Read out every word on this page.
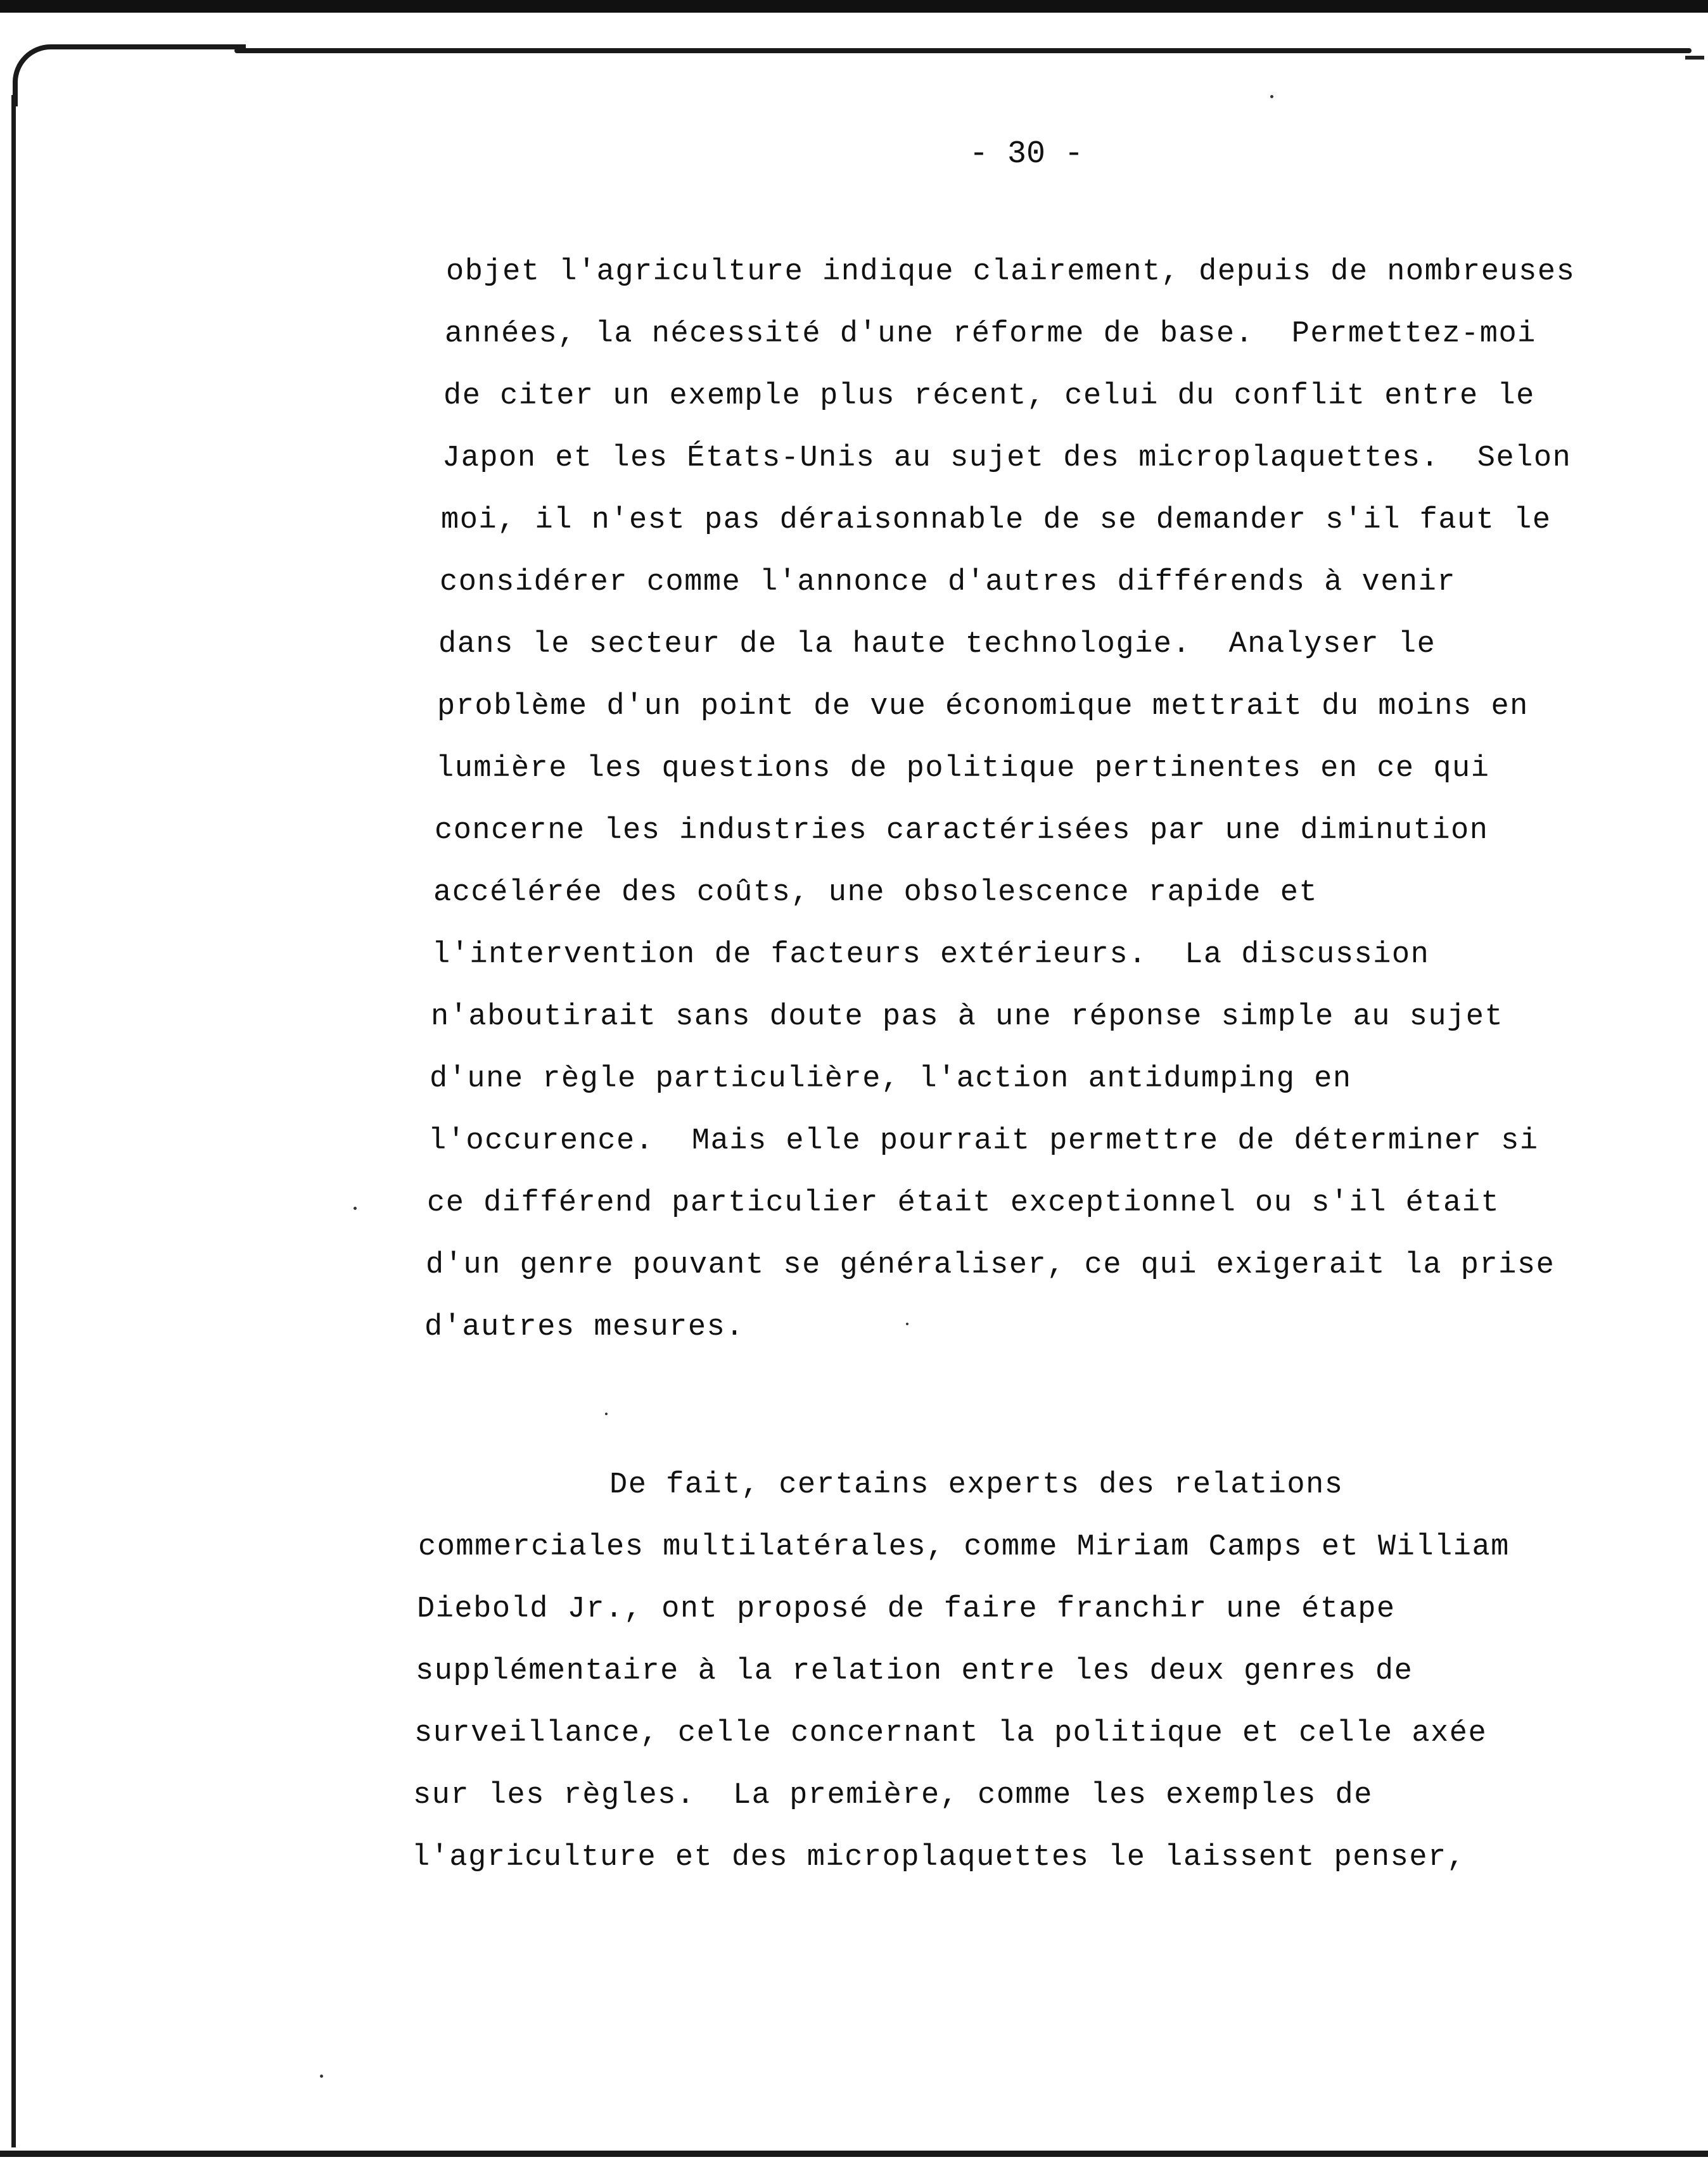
- 30 -
objet l'agriculture indique clairement, depuis de nombreuses
années, la nécessité d'une réforme de base.  Permettez-moi
de citer un exemple plus récent, celui du conflit entre le
Japon et les États-Unis au sujet des microplaquettes.  Selon
moi, il n'est pas déraisonnable de se demander s'il faut le
considérer comme l'annonce d'autres différends à venir
dans le secteur de la haute technologie.  Analyser le
problème d'un point de vue économique mettrait du moins en
lumière les questions de politique pertinentes en ce qui
concerne les industries caractérisées par une diminution
accélérée des coûts, une obsolescence rapide et
l'intervention de facteurs extérieurs.  La discussion
n'aboutirait sans doute pas à une réponse simple au sujet
d'une règle particulière, l'action antidumping en
l'occurence.  Mais elle pourrait permettre de déterminer si
ce différend particulier était exceptionnel ou s'il était
d'un genre pouvant se généraliser, ce qui exigerait la prise
d'autres mesures.
De fait, certains experts des relations
commerciales multilatérales, comme Miriam Camps et William
Diebold Jr., ont proposé de faire franchir une étape
supplémentaire à la relation entre les deux genres de
surveillance, celle concernant la politique et celle axée
sur les règles.  La première, comme les exemples de
l'agriculture et des microplaquettes le laissent penser,
